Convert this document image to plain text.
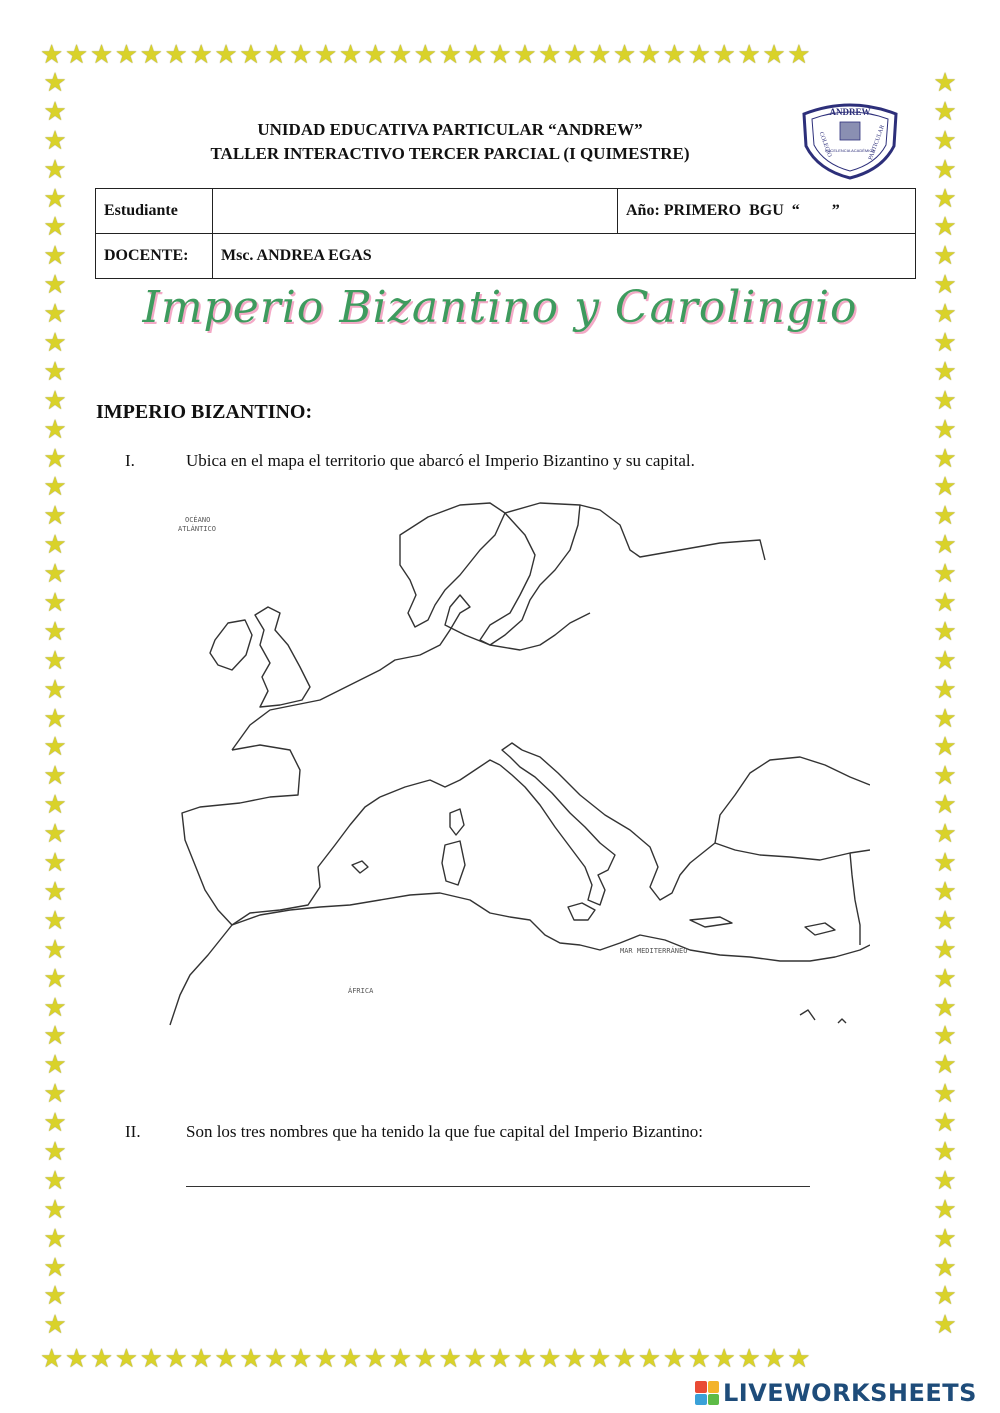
★★★★★★★★★★★★★★★★★★★★★★★★★★★★★★★
★★★★★★★★★★★★★★★★★★★★★★★★★★★★★★★
★
★
★
★
★
★
★
★
★
★
★
★
★
★
★
★
★
★
★
★
★
★
★
★
★
★
★
★
★
★
★
★
★
★
★
★
★
★
★
★
★
★
★
★
★
★
★
★
★
★
★
★
★
★
★
★
★
★
★
★
★
★
★
★
★
★
★
★
★
★
★
★
★
★
★
★
★
★
★
★
★
★
★
★
★
★
★
★
UNIDAD EDUCATIVA PARTICULAR “ANDREW”
TALLER INTERACTIVO TERCER PARCIAL (I QUIMESTRE)
ANDREW
COLEGIO	PARTICULAR
EXCELENCIA ACADÉMICA
Estudiante		Año: PRIMERO  BGU  “        ”
DOCENTE:	Msc. ANDREA EGAS	
Imperio Bizantino y Carolingio
IMPERIO BIZANTINO:
I.	Ubica en el mapa el territorio que abarcó el Imperio Bizantino y su capital.
OCÉANO
ATLÁNTICO
MAR MEDITERRÁNEO
ÁFRICA
II.	Son los tres nombres que ha tenido la que fue capital del Imperio Bizantino:
LIVEWORKSHEETS
